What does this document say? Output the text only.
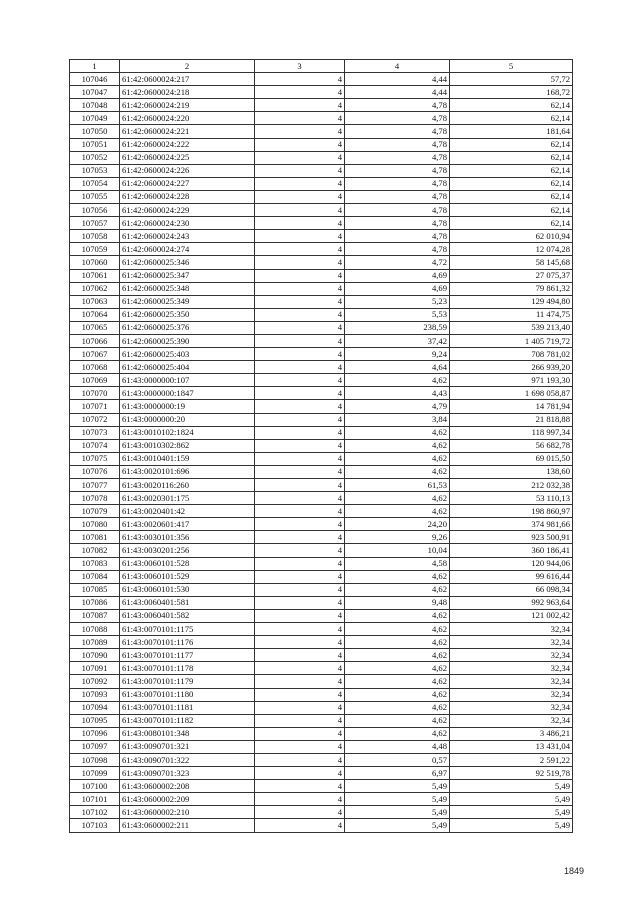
1	2	3	4	5
107046	61:42:0600024:217	4	4,44	57,72
107047	61:42:0600024:218	4	4,44	168,72
107048	61:42:0600024:219	4	4,78	62,14
107049	61:42:0600024:220	4	4,78	62,14
107050	61:42:0600024:221	4	4,78	181,64
107051	61:42:0600024:222	4	4,78	62,14
107052	61:42:0600024:225	4	4,78	62,14
107053	61:42:0600024:226	4	4,78	62,14
107054	61:42:0600024:227	4	4,78	62,14
107055	61:42:0600024:228	4	4,78	62,14
107056	61:42:0600024:229	4	4,78	62,14
107057	61:42:0600024:230	4	4,78	62,14
107058	61:42:0600024:243	4	4,78	62 010,94
107059	61:42:0600024:274	4	4,78	12 074,28
107060	61:42:0600025:346	4	4,72	58 145,68
107061	61:42:0600025:347	4	4,69	27 075,37
107062	61:42:0600025:348	4	4,69	79 861,32
107063	61:42:0600025:349	4	5,23	129 494,80
107064	61:42:0600025:350	4	5,53	11 474,75
107065	61:42:0600025:376	4	238,59	539 213,40
107066	61:42:0600025:390	4	37,42	1 405 719,72
107067	61:42:0600025:403	4	9,24	708 781,02
107068	61:42:0600025:404	4	4,64	266 939,20
107069	61:43:0000000:107	4	4,62	971 193,30
107070	61:43:0000000:1847	4	4,43	1 698 058,87
107071	61:43:0000000:19	4	4,79	14 781,94
107072	61:43:0000000:20	4	3,84	21 818,88
107073	61:43:0010102:1824	4	4,62	118 997,34
107074	61:43:0010302:862	4	4,62	56 682,78
107075	61:43:0010401:159	4	4,62	69 015,50
107076	61:43:0020101:696	4	4,62	138,60
107077	61:43:0020116:260	4	61,53	212 032,38
107078	61:43:0020301:175	4	4,62	53 110,13
107079	61:43:0020401:42	4	4,62	198 860,97
107080	61:43:0020601:417	4	24,20	374 981,66
107081	61:43:0030101:356	4	9,26	923 500,91
107082	61:43:0030201:256	4	10,04	360 186,41
107083	61:43:0060101:528	4	4,58	120 944,06
107084	61:43:0060101:529	4	4,62	99 616,44
107085	61:43:0060101:530	4	4,62	66 098,34
107086	61:43:0060401:581	4	9,48	992 963,64
107087	61:43:0060401:582	4	4,62	121 002,42
107088	61:43:0070101:1175	4	4,62	32,34
107089	61:43:0070101:1176	4	4,62	32,34
107090	61:43:0070101:1177	4	4,62	32,34
107091	61:43:0070101:1178	4	4,62	32,34
107092	61:43:0070101:1179	4	4,62	32,34
107093	61:43:0070101:1180	4	4,62	32,34
107094	61:43:0070101:1181	4	4,62	32,34
107095	61:43:0070101:1182	4	4,62	32,34
107096	61:43:0080101:348	4	4,62	3 486,21
107097	61:43:0090701:321	4	4,48	13 431,04
107098	61:43:0090701:322	4	0,57	2 591,22
107099	61:43:0090701:323	4	6,97	92 519,78
107100	61:43:0600002:208	4	5,49	5,49
107101	61:43:0600002:209	4	5,49	5,49
107102	61:43:0600002:210	4	5,49	5,49
107103	61:43:0600002:211	4	5,49	5,49
1849
